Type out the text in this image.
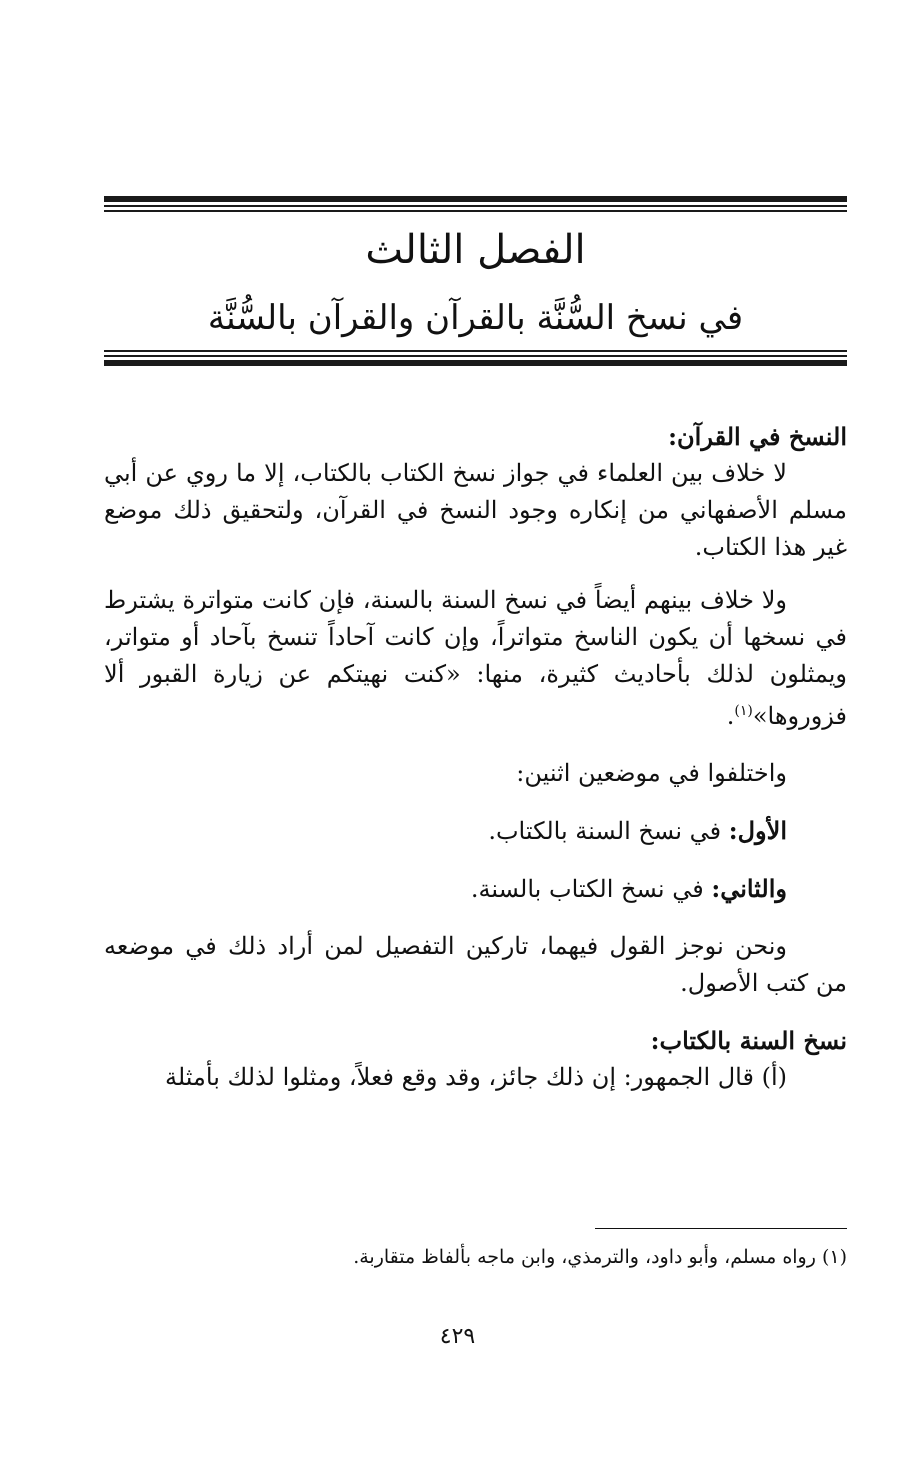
الفصل الثالث
في نسخ السُّنَّة بالقرآن والقرآن بالسُّنَّة
النسخ في القرآن:
لا خلاف بين العلماء في جواز نسخ الكتاب بالكتاب، إلا ما روي عن أبي مسلم الأصفهاني من إنكاره وجود النسخ في القرآن، ولتحقيق ذلك موضع غير هذا الكتاب.
ولا خلاف بينهم أيضاً في نسخ السنة بالسنة، فإن كانت متواترة يشترط في نسخها أن يكون الناسخ متواتراً، وإن كانت آحاداً تنسخ بآحاد أو متواتر، ويمثلون لذلك بأحاديث كثيرة، منها: «كنت نهيتكم عن زيارة القبور ألا فزوروها»$^{(١)}$.
واختلفوا في موضعين اثنين:
الأول: في نسخ السنة بالكتاب.
والثاني: في نسخ الكتاب بالسنة.
ونحن نوجز القول فيهما، تاركين التفصيل لمن أراد ذلك في موضعه من كتب الأصول.
نسخ السنة بالكتاب:
(أ) قال الجمهور: إن ذلك جائز، وقد وقع فعلاً، ومثلوا لذلك بأمثلة
(١) رواه مسلم، وأبو داود، والترمذي، وابن ماجه بألفاظ متقاربة.
٤٢٩
